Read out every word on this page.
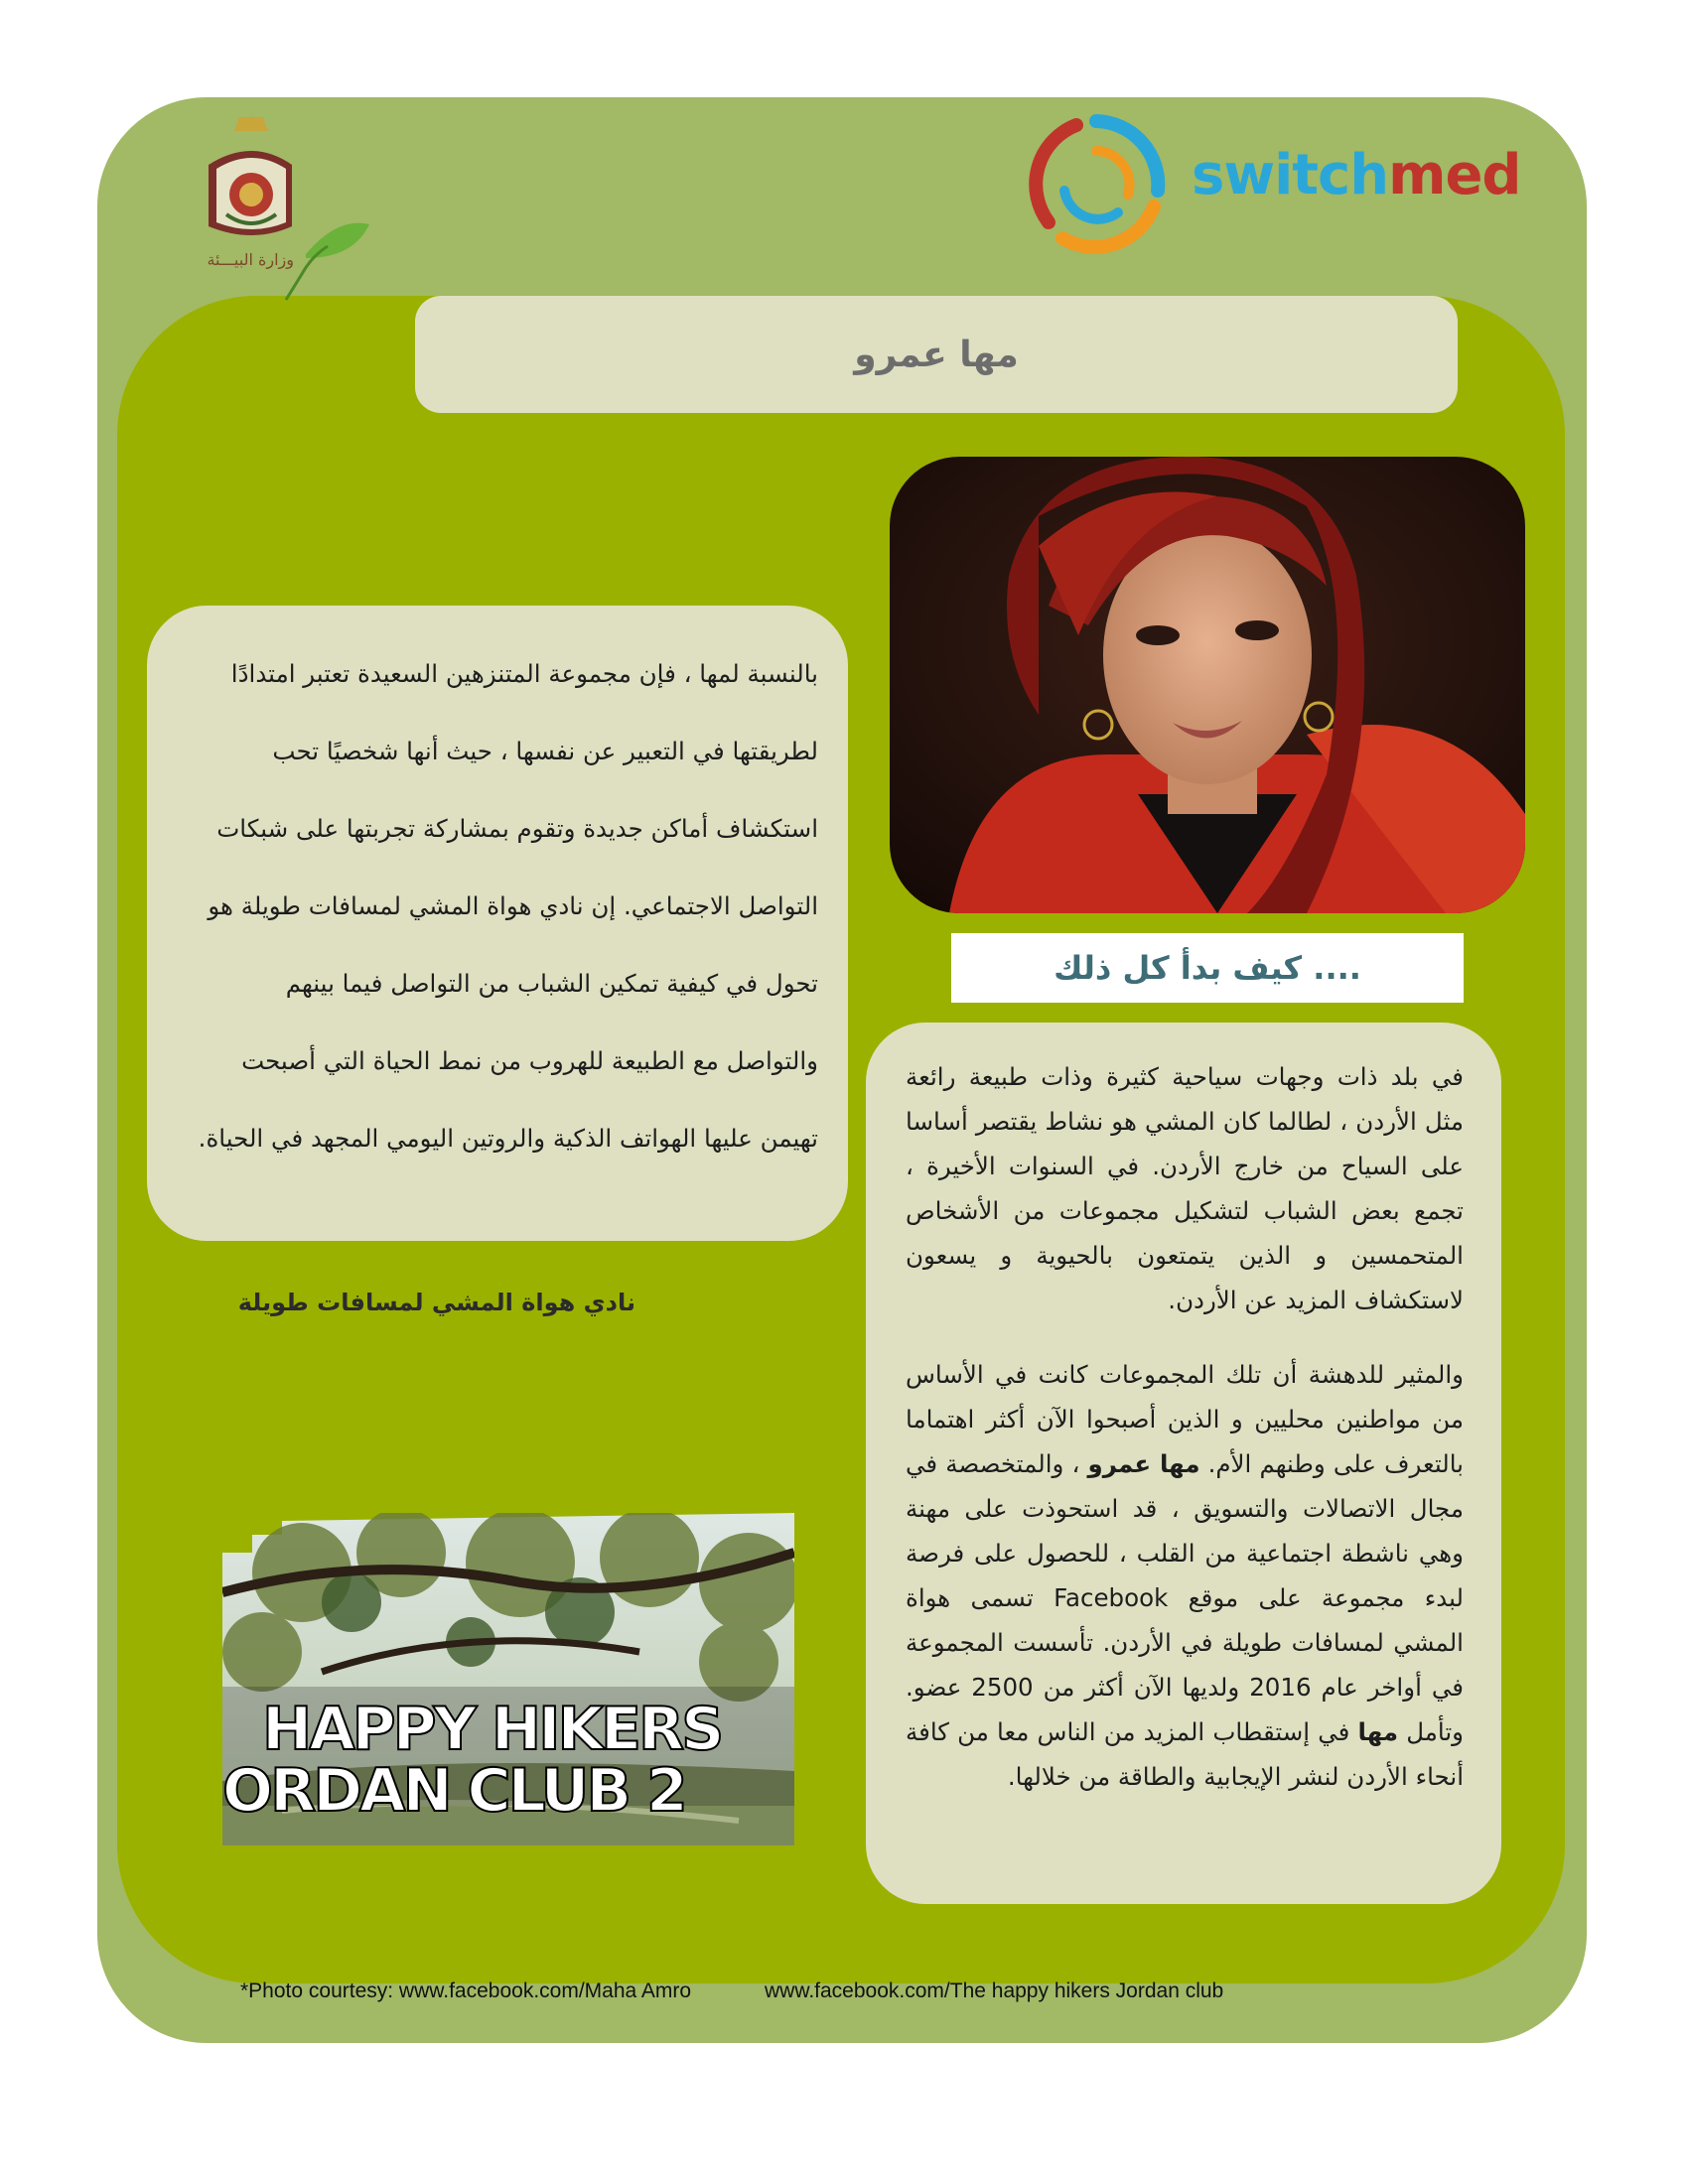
وزارة البيـــئة
switchmed
مها عمرو
كيف بدأ كل ذلك ....

في بلد ذات وجهات سياحية كثيرة وذات طبيعة رائعة مثل الأردن ، لطالما كان المشي هو نشاط يقتصر أساسا على السياح من خارج الأردن. في السنوات الأخيرة ، تجمع بعض الشباب لتشكيل مجموعات من الأشخاص المتحمسين و الذين يتمتعون بالحيوية و يسعون لاستكشاف المزيد عن الأردن.

والمثير للدهشة أن تلك المجموعات كانت في الأساس من مواطنين محليين و الذين أصبحوا الآن أكثر اهتماما بالتعرف على وطنهم الأم. مها عمرو ، والمتخصصة في مجال الاتصالات والتسويق ، قد استحوذت على مهنة وهي ناشطة اجتماعية من القلب ، للحصول على فرصة لبدء مجموعة على موقع Facebook تسمى هواة المشي لمسافات طويلة في الأردن. تأسست المجموعة في أواخر عام 2016 ولديها الآن أكثر من 2500 عضو. وتأمل مها في إستقطاب المزيد من الناس معا من كافة أنحاء الأردن لنشر الإيجابية والطاقة من خلالها.

بالنسبة لمها ، فإن مجموعة المتنزهين السعيدة تعتبر امتدادًا لطريقتها في التعبير عن نفسها ، حيث أنها شخصيًا تحب استكشاف أماكن جديدة وتقوم بمشاركة تجربتها على شبكات التواصل الاجتماعي. إن نادي هواة المشي لمسافات طويلة هو تحول في كيفية تمكين الشباب من التواصل فيما بينهم والتواصل مع الطبيعة للهروب من نمط الحياة التي أصبحت تهيمن عليها الهواتف الذكية والروتين اليومي المجهد في الحياة.

نادي هواة المشي لمسافات طويلة
HAPPY HIKERS
ORDAN CLUB 2
*Photo courtesy: www.facebook.com/Maha Amro	www.facebook.com/The happy hikers Jordan club
